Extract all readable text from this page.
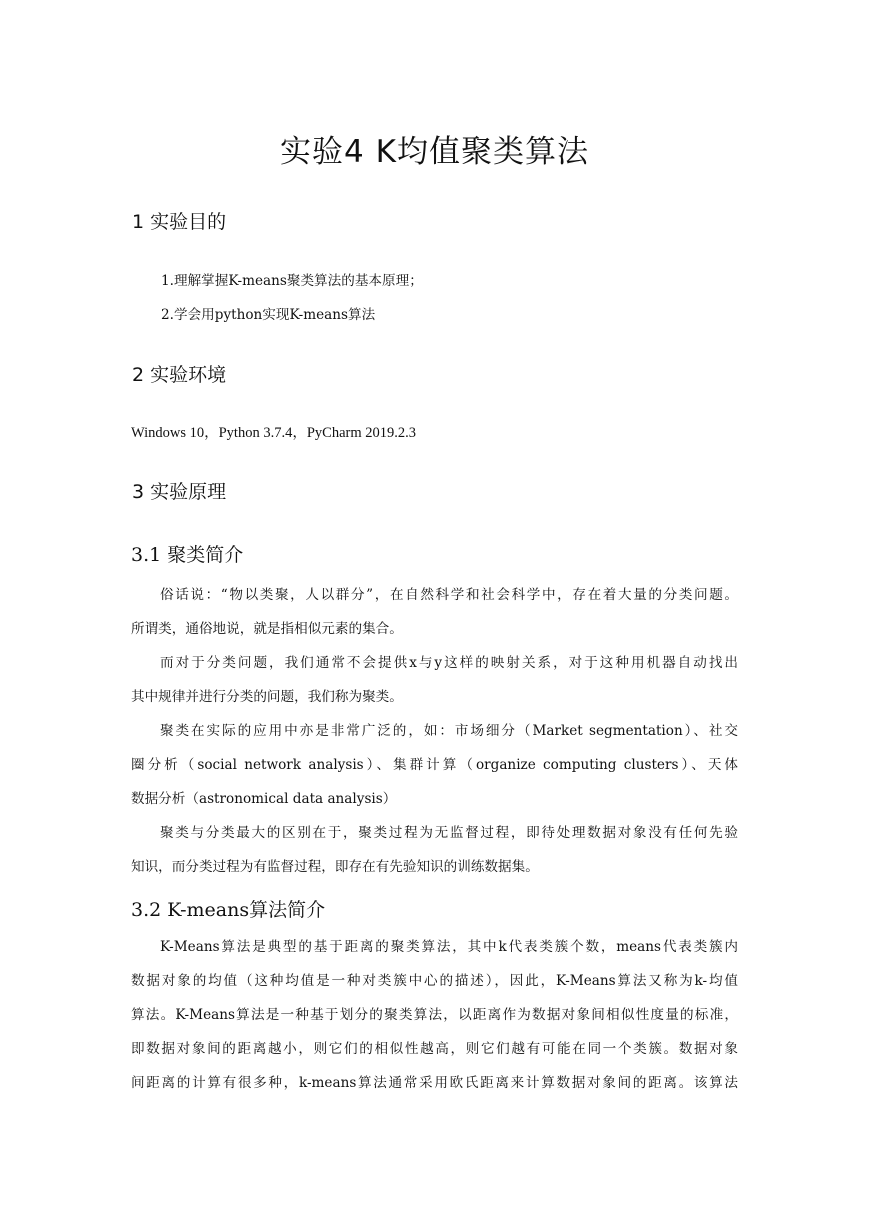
实验4 K均值聚类算法
1 实验目的
1.理解掌握K-means聚类算法的基本原理；
2.学会用python实现K-means算法
2 实验环境
Windows 10，Python 3.7.4，PyCharm 2019.2.3
3 实验原理
3.1 聚类简介
俗话说：“物以类聚，人以群分”，在自然科学和社会科学中，存在着大量的分类问题。
所谓类，通俗地说，就是指相似元素的集合。
而对于分类问题，我们通常不会提供x与y这样的映射关系，对于这种用机器自动找出
其中规律并进行分类的问题，我们称为聚类。
聚类在实际的应用中亦是非常广泛的，如：市场细分（Market segmentation）、社交
圈分析（social network analysis）、集群计算（organize computing clusters）、天体
数据分析（astronomical data analysis）
聚类与分类最大的区别在于，聚类过程为无监督过程，即待处理数据对象没有任何先验
知识，而分类过程为有监督过程，即存在有先验知识的训练数据集。
3.2 K-means算法简介
K-Means算法是典型的基于距离的聚类算法，其中k代表类簇个数，means代表类簇内
数据对象的均值（这种均值是一种对类簇中心的描述），因此，K-Means算法又称为k-均值
算法。K-Means算法是一种基于划分的聚类算法，以距离作为数据对象间相似性度量的标准，
即数据对象间的距离越小，则它们的相似性越高，则它们越有可能在同一个类簇。数据对象
间距离的计算有很多种，k-means算法通常采用欧氏距离来计算数据对象间的距离。该算法
